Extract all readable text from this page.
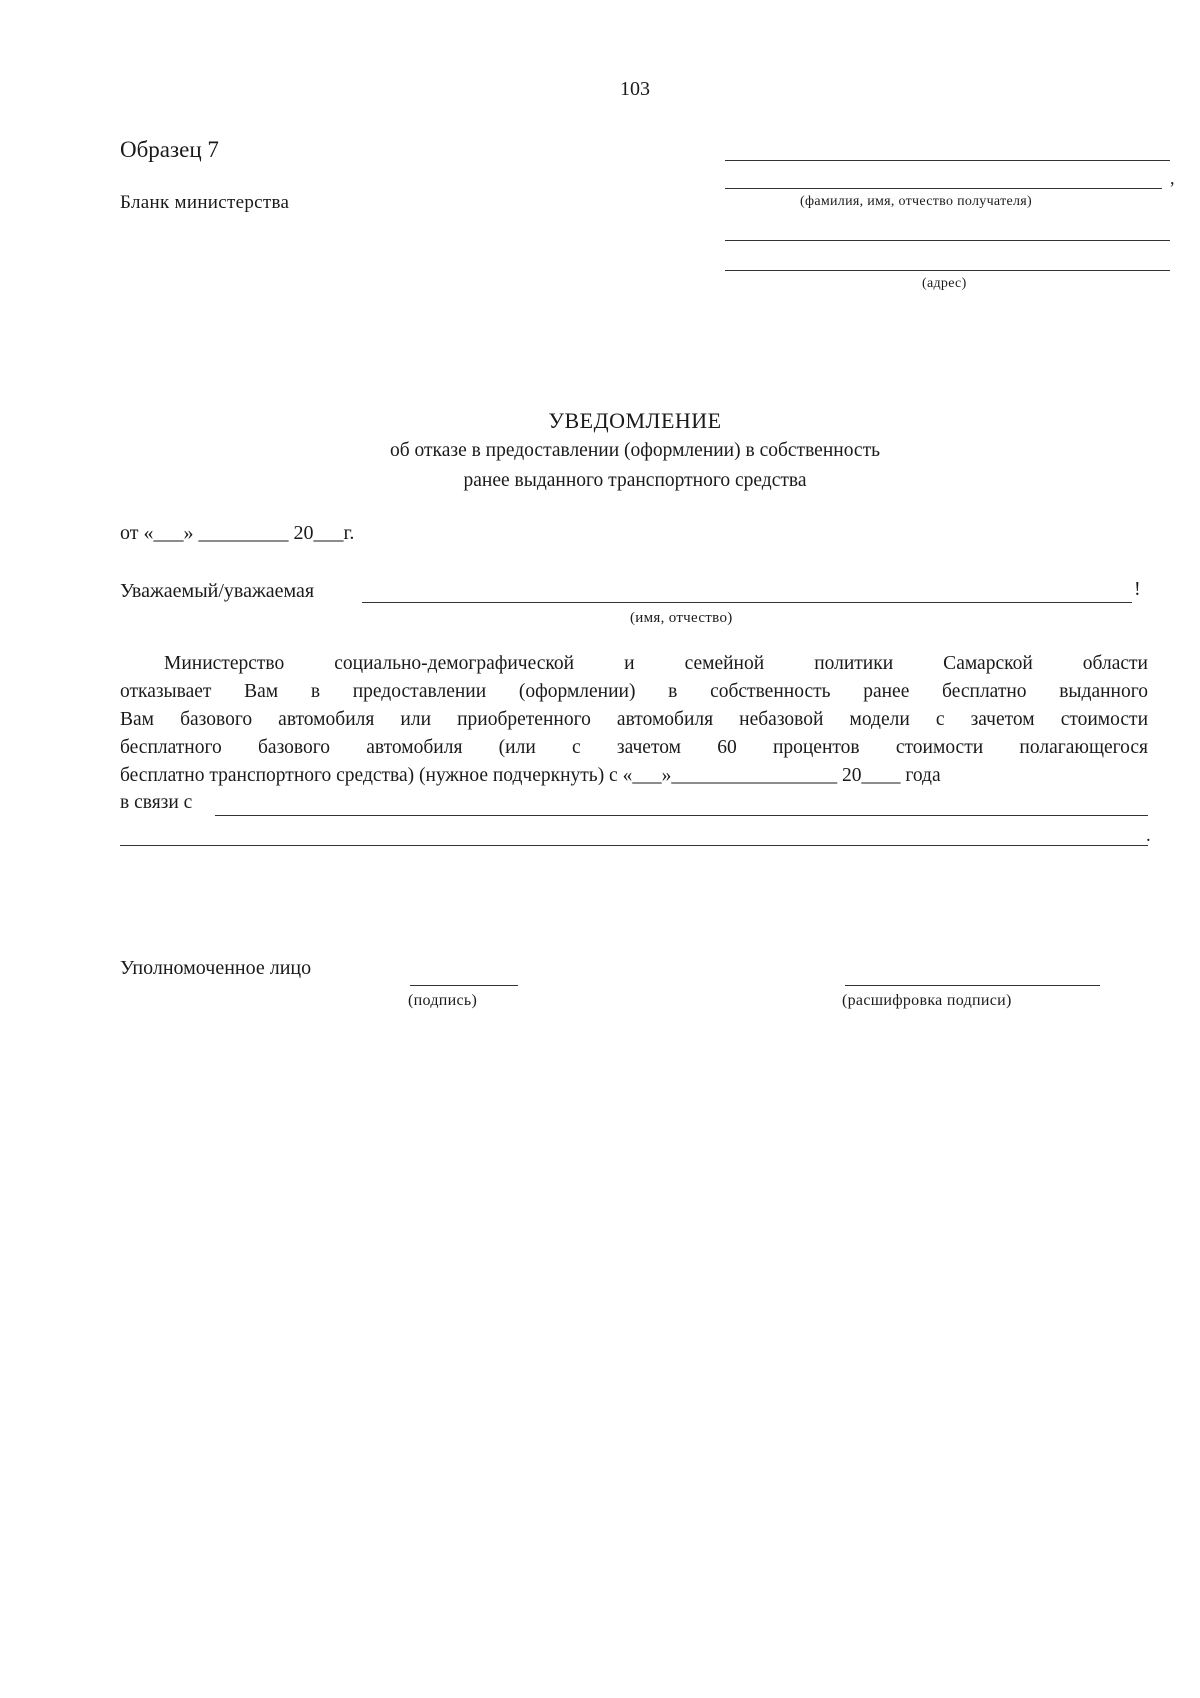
103
Образец 7
Бланк министерства
,
(фамилия, имя, отчество получателя)
(адрес)
УВЕДОМЛЕНИЕ
об отказе в предоставлении (оформлении) в собственность
ранее выданного транспортного средства
от «___» _________ 20___г.
Уважаемый/уважаемая	!
(имя, отчество)
Министерство социально-демографической и семейной политики Самарской области
отказывает Вам в предоставлении (оформлении) в собственность ранее бесплатно выданного
Вам базового автомобиля или приобретенного автомобиля небазовой модели с зачетом стоимости
бесплатного базового автомобиля (или с зачетом 60 процентов стоимости полагающегося
бесплатно транспортного средства) (нужное подчеркнуть) с «___»_________________ 20____ года
в связи с
.
Уполномоченное лицо
(подпись)	(расшифровка подписи)
